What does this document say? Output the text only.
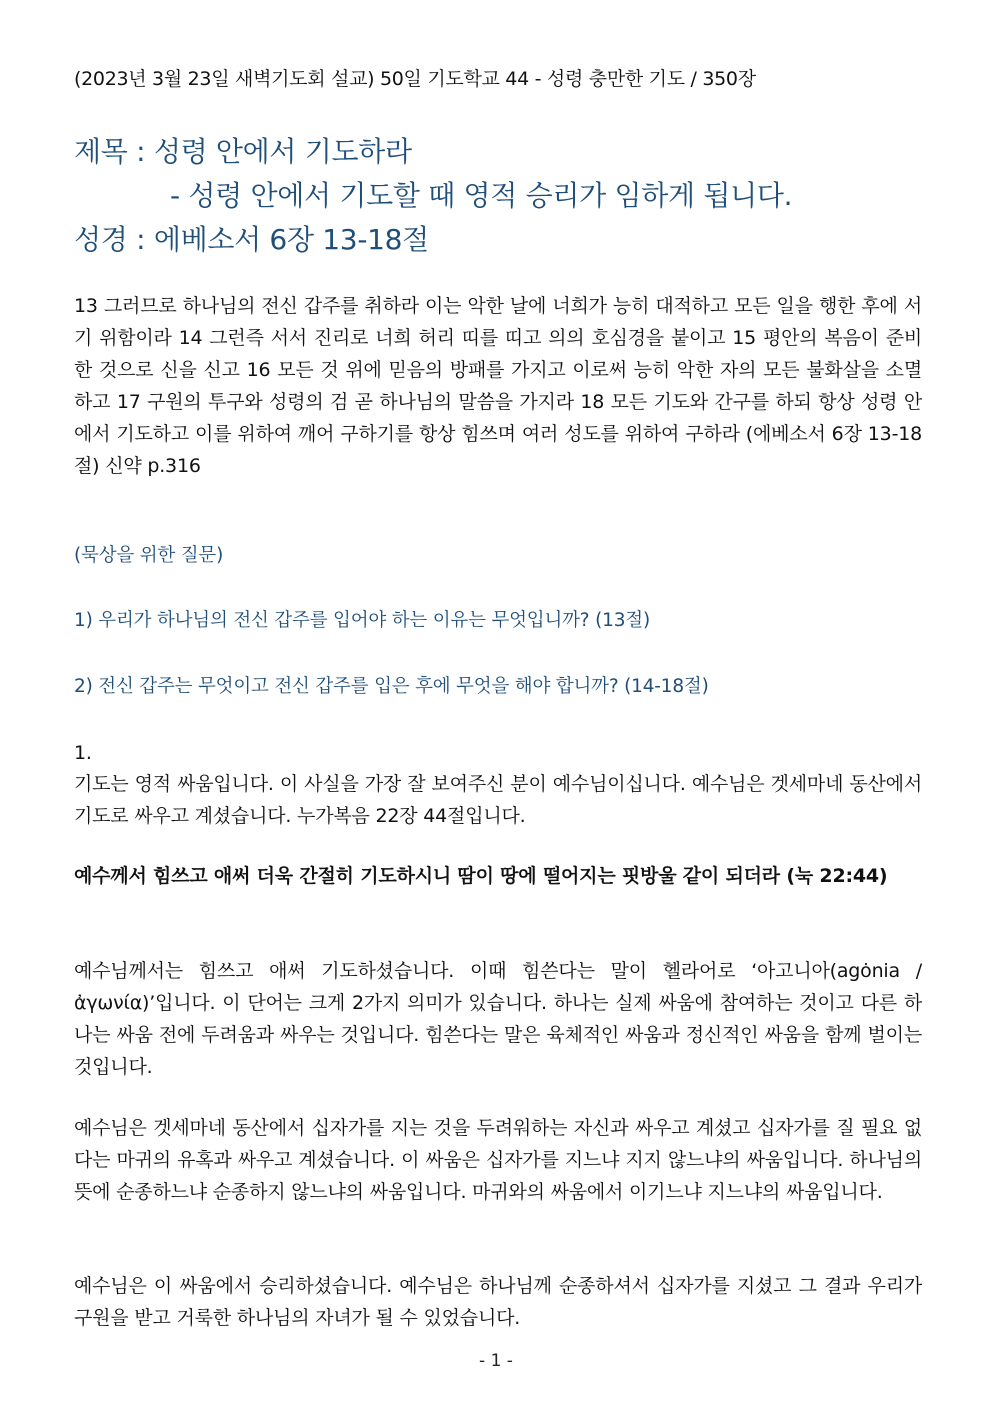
(2023년 3월 23일 새벽기도회 설교) 50일 기도학교 44 - 성령 충만한 기도 / 350장
제목 : 성령 안에서 기도하라
- 성령 안에서 기도할 때 영적 승리가 임하게 됩니다.
성경 : 에베소서 6장 13-18절
13 그러므로 하나님의 전신 갑주를 취하라 이는 악한 날에 너희가 능히 대적하고 모든 일을 행한 후에 서기 위함이라 14 그런즉 서서 진리로 너희 허리 띠를 띠고 의의 호심경을 붙이고 15 평안의 복음이 준비한 것으로 신을 신고 16 모든 것 위에 믿음의 방패를 가지고 이로써 능히 악한 자의 모든 불화살을 소멸하고 17 구원의 투구와 성령의 검 곧 하나님의 말씀을 가지라 18 모든 기도와 간구를 하되 항상 성령 안에서 기도하고 이를 위하여 깨어 구하기를 항상 힘쓰며 여러 성도를 위하여 구하라 (에베소서 6장 13-18절) 신약 p.316
(묵상을 위한 질문)
1) 우리가 하나님의 전신 갑주를 입어야 하는 이유는 무엇입니까? (13절)
2) 전신 갑주는 무엇이고 전신 갑주를 입은 후에 무엇을 해야 합니까? (14-18절)
1.
기도는 영적 싸움입니다. 이 사실을 가장 잘 보여주신 분이 예수님이십니다. 예수님은 겟세마네 동산에서 기도로 싸우고 계셨습니다. 누가복음 22장 44절입니다.
예수께서 힘쓰고 애써 더욱 간절히 기도하시니 땀이 땅에 떨어지는 핏방울 같이 되더라 (눅 22:44)
예수님께서는 힘쓰고 애써 기도하셨습니다. 이때 힘쓴다는 말이 헬라어로 ‘아고니아(agȯnia / ἀγωνία)’입니다. 이 단어는 크게 2가지 의미가 있습니다. 하나는 실제 싸움에 참여하는 것이고 다른 하나는 싸움 전에 두려움과 싸우는 것입니다. 힘쓴다는 말은 육체적인 싸움과 정신적인 싸움을 함께 벌이는 것입니다.
예수님은 겟세마네 동산에서 십자가를 지는 것을 두려워하는 자신과 싸우고 계셨고 십자가를 질 필요 없다는 마귀의 유혹과 싸우고 계셨습니다. 이 싸움은 십자가를 지느냐 지지 않느냐의 싸움입니다. 하나님의 뜻에 순종하느냐 순종하지 않느냐의 싸움입니다. 마귀와의 싸움에서 이기느냐 지느냐의 싸움입니다.
예수님은 이 싸움에서 승리하셨습니다. 예수님은 하나님께 순종하셔서 십자가를 지셨고 그 결과 우리가 구원을 받고 거룩한 하나님의 자녀가 될 수 있었습니다.
- 1 -
